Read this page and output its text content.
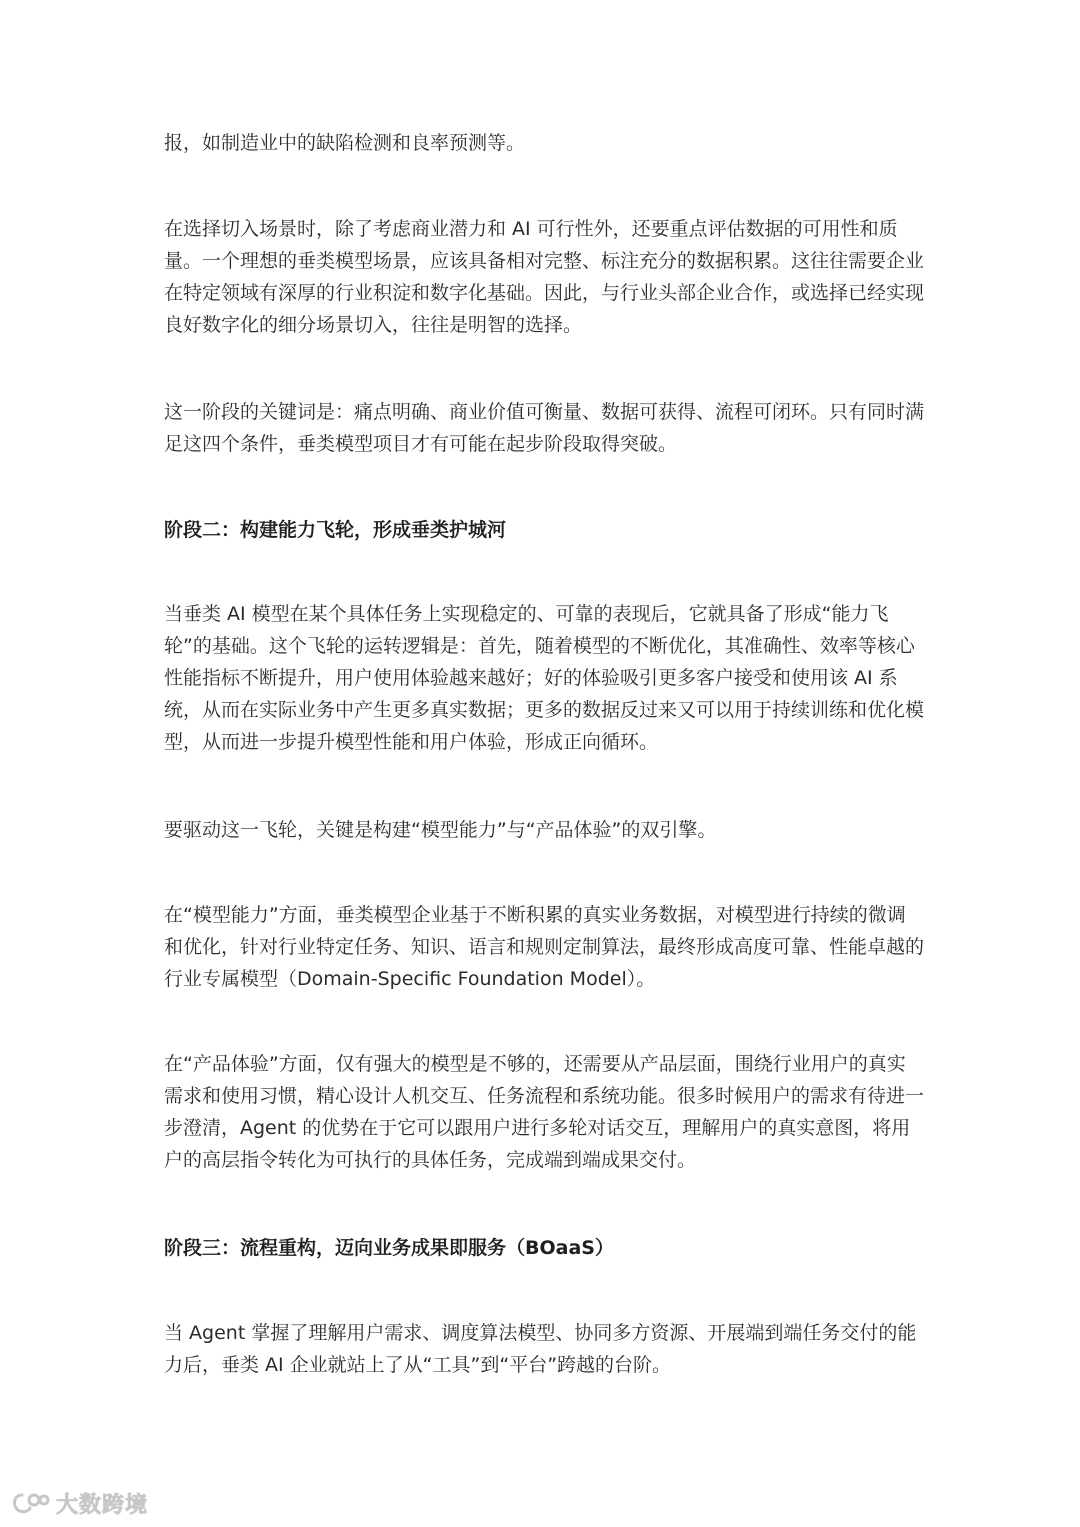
报，如制造业中的缺陷检测和良率预测等。

在选择切入场景时，除了考虑商业潜力和 AI 可行性外，还要重点评估数据的可用性和质量。一个理想的垂类模型场景，应该具备相对完整、标注充分的数据积累。这往往需要企业在特定领域有深厚的行业积淀和数字化基础。因此，与行业头部企业合作，或选择已经实现良好数字化的细分场景切入，往往是明智的选择。

这一阶段的关键词是：痛点明确、商业价值可衡量、数据可获得、流程可闭环。只有同时满足这四个条件，垂类模型项目才有可能在起步阶段取得突破。

阶段二：构建能力飞轮，形成垂类护城河

当垂类 AI 模型在某个具体任务上实现稳定的、可靠的表现后，它就具备了形成“能力飞轮”的基础。这个飞轮的运转逻辑是：首先，随着模型的不断优化，其准确性、效率等核心性能指标不断提升，用户使用体验越来越好；好的体验吸引更多客户接受和使用该 AI 系统，从而在实际业务中产生更多真实数据；更多的数据反过来又可以用于持续训练和优化模型，从而进一步提升模型性能和用户体验，形成正向循环。

要驱动这一飞轮，关键是构建“模型能力”与“产品体验”的双引擎。

在“模型能力”方面，垂类模型企业基于不断积累的真实业务数据，对模型进行持续的微调和优化，针对行业特定任务、知识、语言和规则定制算法，最终形成高度可靠、性能卓越的行业专属模型（Domain-Specific Foundation Model）。

在“产品体验”方面，仅有强大的模型是不够的，还需要从产品层面，围绕行业用户的真实需求和使用习惯，精心设计人机交互、任务流程和系统功能。很多时候用户的需求有待进一步澄清，Agent 的优势在于它可以跟用户进行多轮对话交互，理解用户的真实意图，将用户的高层指令转化为可执行的具体任务，完成端到端成果交付。

阶段三：流程重构，迈向业务成果即服务（BOaaS）

当 Agent 掌握了理解用户需求、调度算法模型、协同多方资源、开展端到端任务交付的能力后，垂类 AI 企业就站上了从“工具”到“平台”跨越的台阶。

大数跨境
